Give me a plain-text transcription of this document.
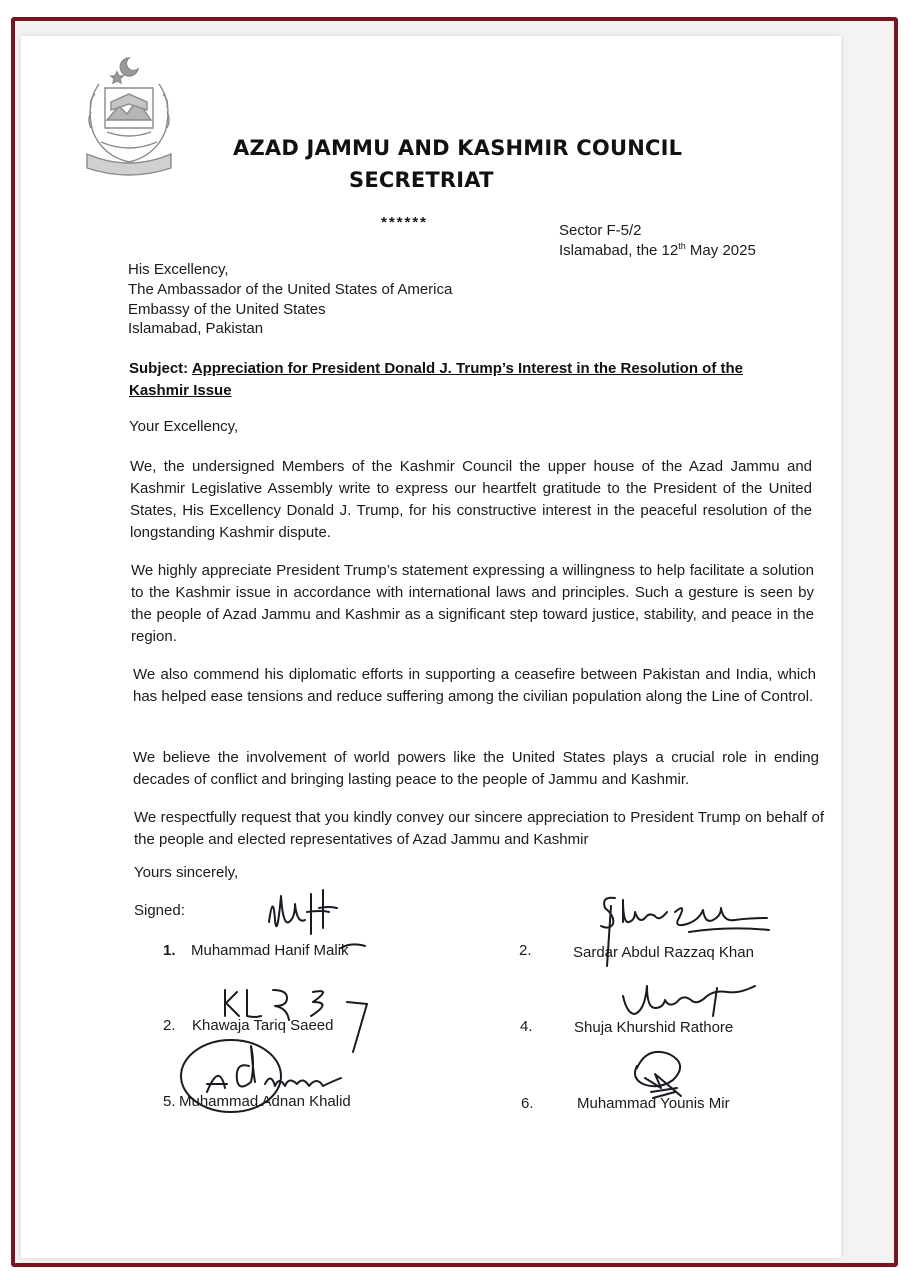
AZAD JAMMU AND KASHMIR COUNCIL
SECRETRIAT
******	Sector F-5/2
Islamabad, the 12th May 2025
His Excellency,
The Ambassador of the United States of America
Embassy of the United States
Islamabad, Pakistan
Subject: Appreciation for President Donald J. Trump’s Interest in the Resolution of the
Kashmir Issue
Your Excellency,
We, the undersigned Members of the Kashmir Council the upper house of the Azad Jammu and Kashmir Legislative Assembly write to express our heartfelt gratitude to the President of the United States, His Excellency Donald J. Trump, for his constructive interest in the peaceful resolution of the longstanding Kashmir dispute.
We highly appreciate President Trump’s statement expressing a willingness to help facilitate a solution to the Kashmir issue in accordance with international laws and principles. Such a gesture is seen by the people of Azad Jammu and Kashmir as a significant step toward justice, stability, and peace in the region.
We also commend his diplomatic efforts in supporting a ceasefire between Pakistan and India, which has helped ease tensions and reduce suffering among the civilian population along the Line of Control.
We believe the involvement of world powers like the United States plays a crucial role in ending decades of conflict and bringing lasting peace to the people of Jammu and Kashmir.
We respectfully request that you kindly convey our sincere appreciation to President Trump on behalf of the people and elected representatives of Azad Jammu and Kashmir
Yours sincerely,
Signed:
1. Muhammad Hanif Malik	2.	Sardar Abdul Razzaq Khan
2. Khawaja Tariq Saeed	4.	Shuja Khurshid Rathore
5. Muhammad Adnan Khalid	6.	Muhammad Younis Mir
